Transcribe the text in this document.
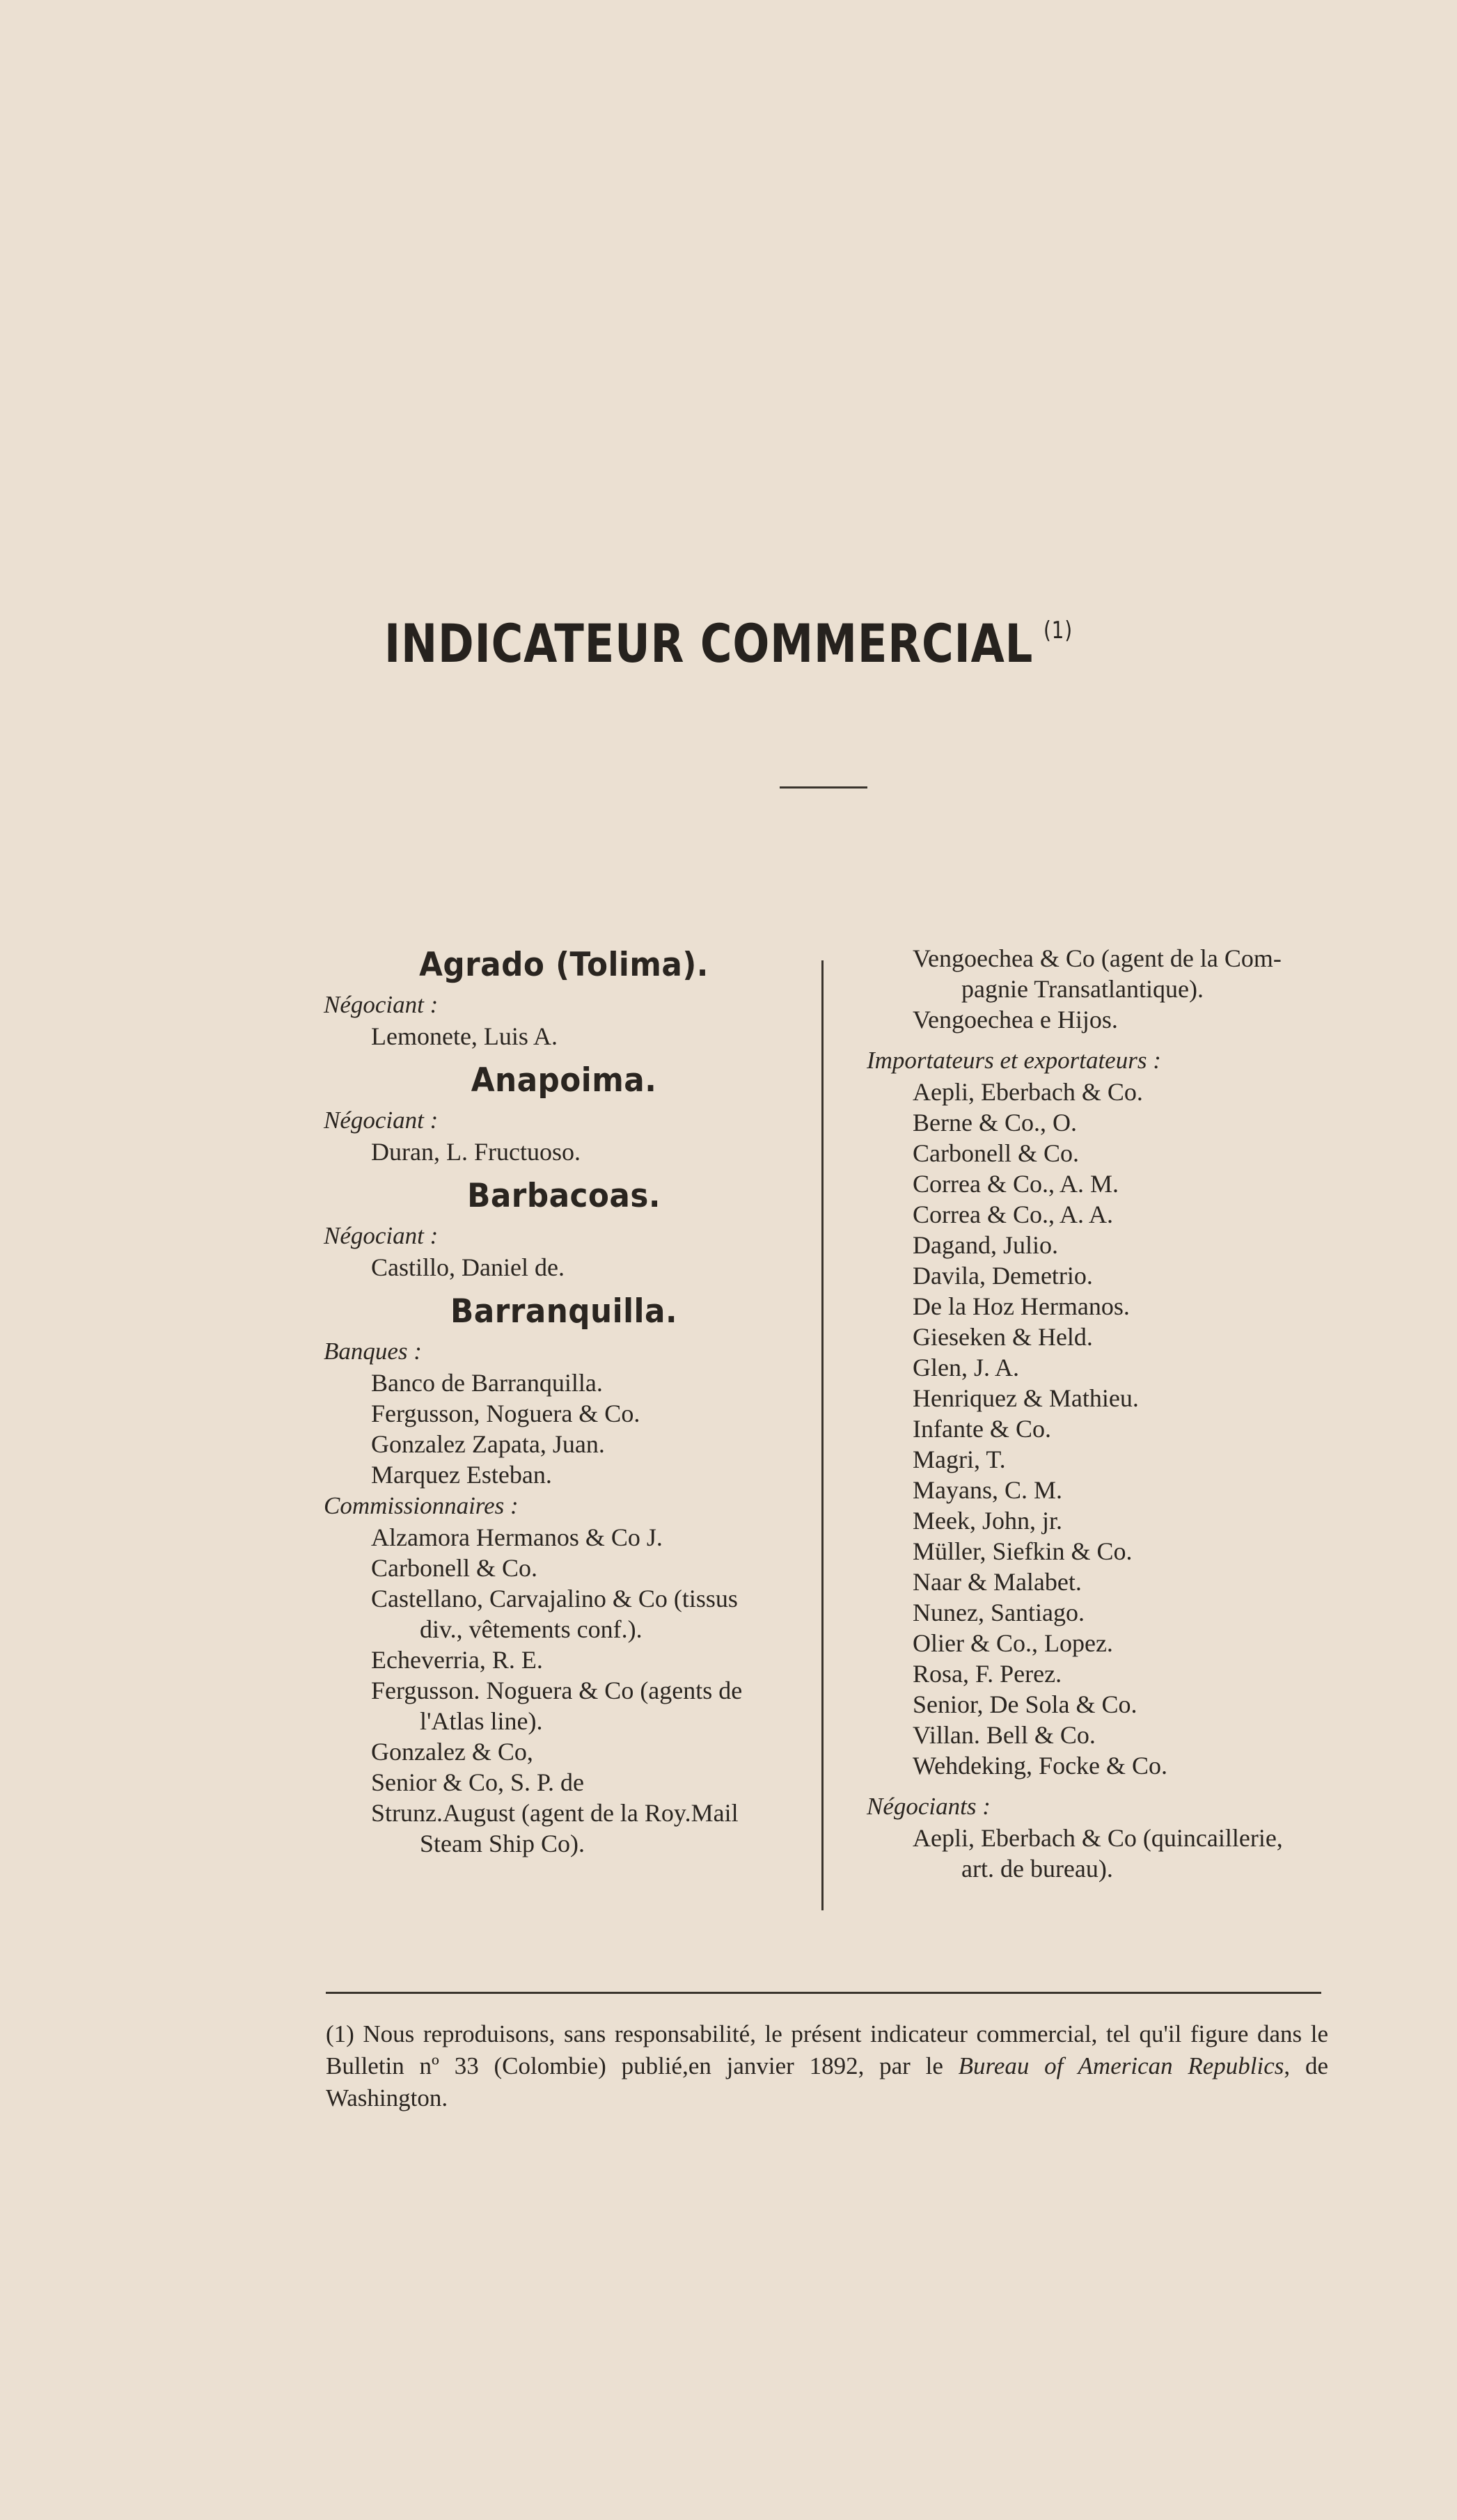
INDICATEUR COMMERCIAL $^{(1)}$
Agrado (Tolima).
Négociant :
Lemonete, Luis A.
Anapoima.
Négociant :
Duran, L. Fructuoso.
Barbacoas.
Négociant :
Castillo, Daniel de.
Barranquilla.
Banques :
Banco de Barranquilla.
Fergusson, Noguera & Co.
Gonzalez Zapata, Juan.
Marquez Esteban.
Commissionnaires :
Alzamora Hermanos & Co J.
Carbonell & Co.
Castellano, Carvajalino & Co (tissus
div., vêtements conf.).
Echeverria, R. E.
Fergusson. Noguera & Co (agents de
l'Atlas line).
Gonzalez & Co,
Senior & Co, S. P. de
Strunz.August (agent de la Roy.Mail
Steam Ship Co).
Vengoechea & Co (agent de la Com-
pagnie Transatlantique).
Vengoechea e Hijos.
Importateurs et exportateurs :
Aepli, Eberbach & Co.
Berne & Co., O.
Carbonell & Co.
Correa & Co., A. M.
Correa & Co., A. A.
Dagand, Julio.
Davila, Demetrio.
De la Hoz Hermanos.
Gieseken & Held.
Glen, J. A.
Henriquez & Mathieu.
Infante & Co.
Magri, T.
Mayans, C. M.
Meek, John, jr.
Müller, Siefkin & Co.
Naar & Malabet.
Nunez, Santiago.
Olier & Co., Lopez.
Rosa, F. Perez.
Senior, De Sola & Co.
Villan. Bell & Co.
Wehdeking, Focke & Co.
Négociants :
Aepli, Eberbach & Co (quincaillerie,
art. de bureau).
(1) Nous reproduisons, sans responsabilité, le présent indicateur commercial, tel qu'il figure dans le Bulletin nº 33 (Colombie) publié,en janvier 1892, par le Bureau of American Republics, de Washington.
